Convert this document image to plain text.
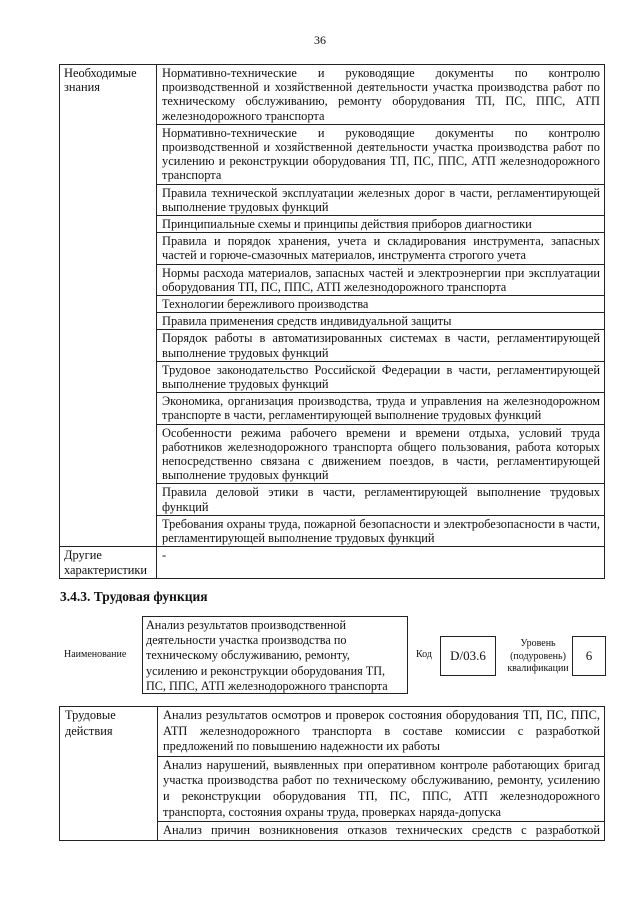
36
Необходимые знания	Нормативно-технические и руководящие документы по контролю производственной и хозяйственной деятельности участка производства работ по техническому обслуживанию, ремонту оборудования ТП, ПС, ППС, АТП железнодорожного транспорта
	Нормативно-технические и руководящие документы по контролю производственной и хозяйственной деятельности участка производства работ по усилению и реконструкции оборудования ТП, ПС, ППС, АТП железнодорожного транспорта
	Правила технической эксплуатации железных дорог в части, регламентирующей выполнение трудовых функций
	Принципиальные схемы и принципы действия приборов диагностики
	Правила и порядок хранения, учета и складирования инструмента, запасных частей и горюче-смазочных материалов, инструмента строгого учета
	Нормы расхода материалов, запасных частей и электроэнергии при эксплуатации оборудования ТП, ПС, ППС, АТП железнодорожного транспорта
	Технологии бережливого производства
	Правила применения средств индивидуальной защиты
	Порядок работы в автоматизированных системах в части, регламентирующей выполнение трудовых функций
	Трудовое законодательство Российской Федерации в части, регламентирующей выполнение трудовых функций
	Экономика, организация производства, труда и управления на железнодорожном транспорте в части, регламентирующей выполнение трудовых функций
	Особенности режима рабочего времени и времени отдыха, условий труда работников железнодорожного транспорта общего пользования, работа которых непосредственно связана с движением поездов, в части, регламентирующей выполнение трудовых функций
	Правила деловой этики в части, регламентирующей выполнение трудовых функций
	Требования охраны труда, пожарной безопасности и электробезопасности в части, регламентирующей выполнение трудовых функций
Другие характеристики	-
3.4.3. Трудовая функция
Наименование
Анализ результатов производственной деятельности участка производства по техническому обслуживанию, ремонту, усилению и реконструкции оборудования ТП, ПС, ППС, АТП железнодорожного транспорта
Код	D/03.6
Уровень (подуровень) квалификации
6
Трудовые действия	Анализ результатов осмотров и проверок состояния оборудования ТП, ПС, ППС, АТП железнодорожного транспорта в составе комиссии с разработкой предложений по повышению надежности их работы
Анализ нарушений, выявленных при оперативном контроле работающих бригад участка производства работ по техническому обслуживанию, ремонту, усилению и реконструкции оборудования ТП, ПС, ППС, АТП железнодорожного транспорта, состояния охраны труда, проверках наряда-допуска
Анализ причин возникновения отказов технических средств с разработкой
